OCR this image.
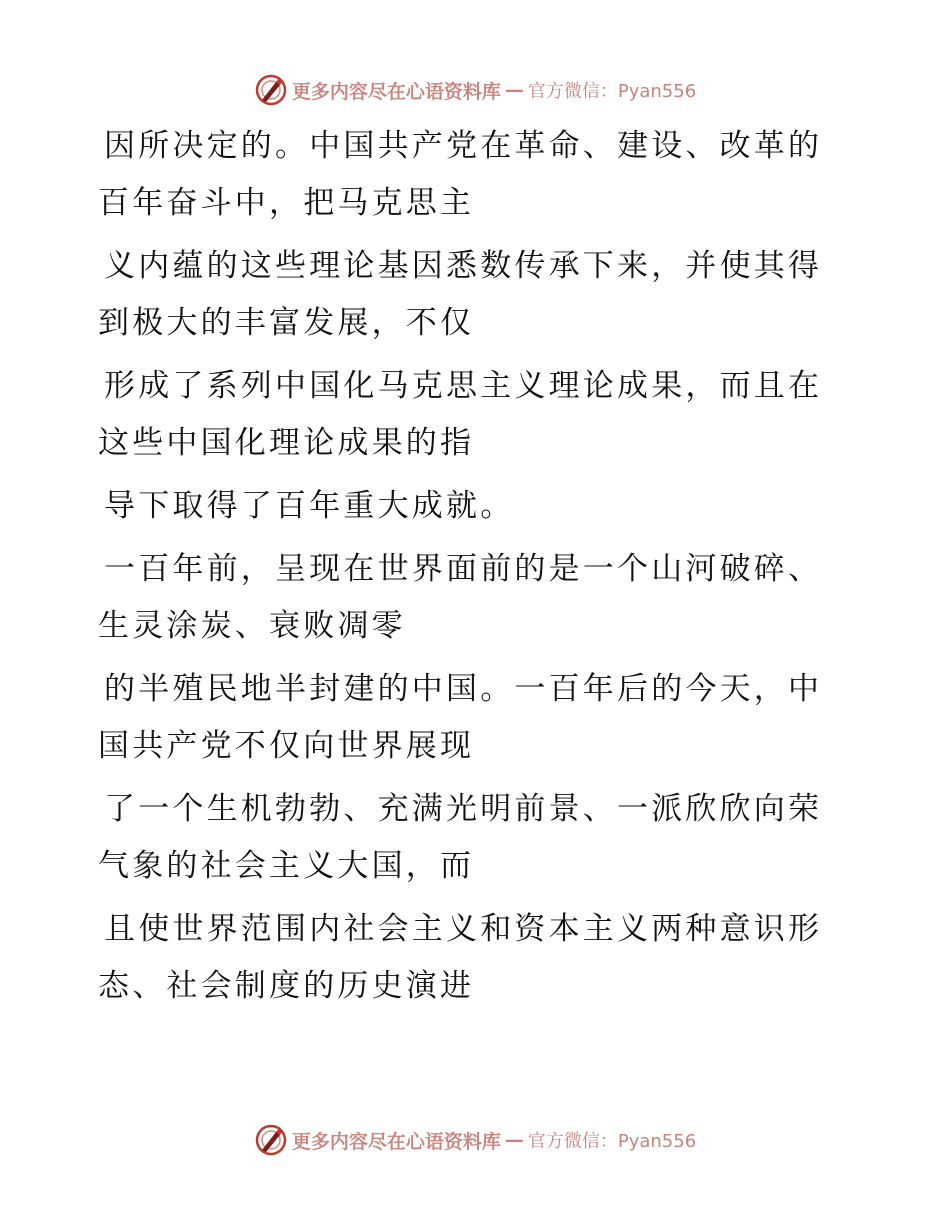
更多内容尽在心语资料库 — 官方微信：Pyan556
因所决定的。中国共产党在革命、建设、改革的
百年奋斗中，把马克思主
义内蕴的这些理论基因悉数传承下来，并使其得
到极大的丰富发展，不仅
形成了系列中国化马克思主义理论成果，而且在
这些中国化理论成果的指
导下取得了百年重大成就。
一百年前，呈现在世界面前的是一个山河破碎、
生灵涂炭、衰败凋零
的半殖民地半封建的中国。一百年后的今天，中
国共产党不仅向世界展现
了一个生机勃勃、充满光明前景、一派欣欣向荣
气象的社会主义大国，而
且使世界范围内社会主义和资本主义两种意识形
态、社会制度的历史演进
更多内容尽在心语资料库 — 官方微信：Pyan556
